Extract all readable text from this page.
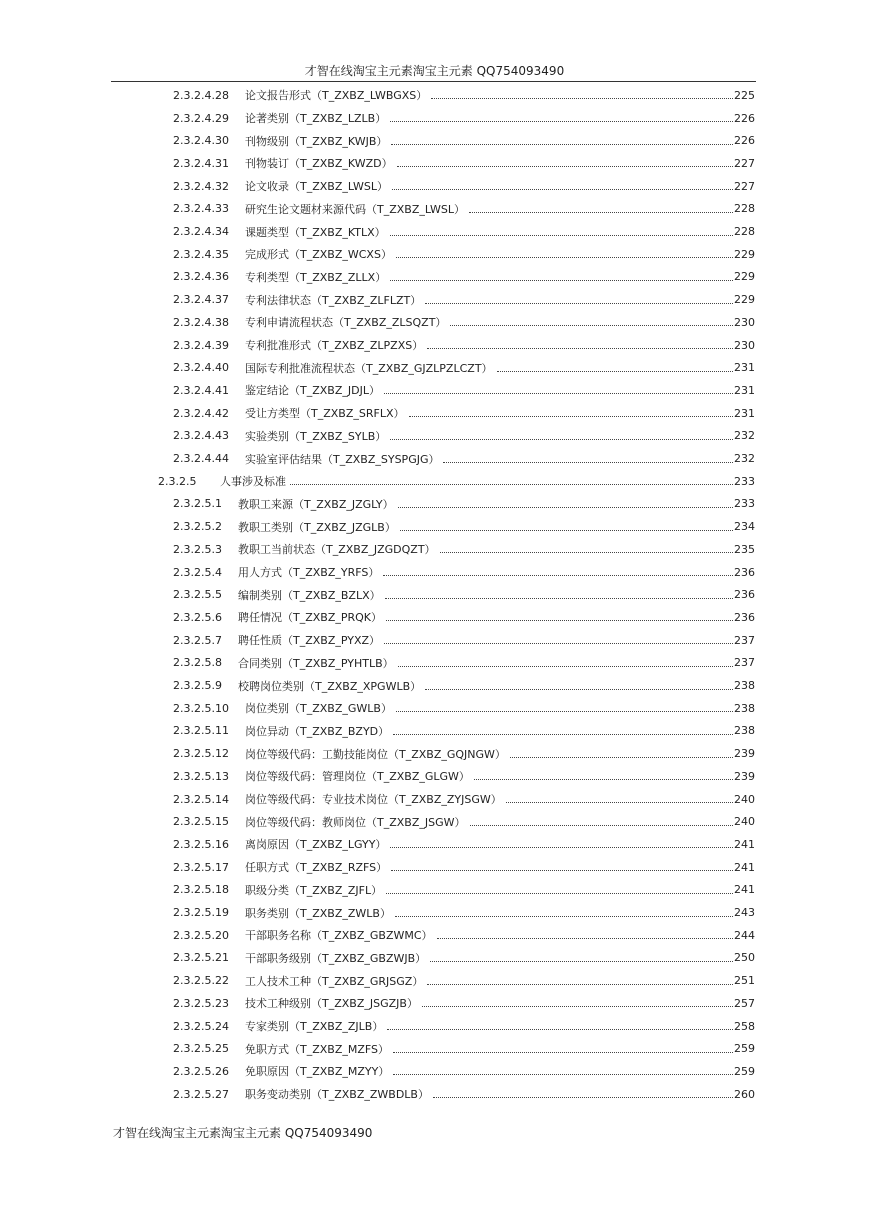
才智在线淘宝主元素淘宝主元素 QQ754093490
2.3.2.4.28 论文报告形式（T_ZXBZ_LWBGXS）	225
2.3.2.4.29 论著类别（T_ZXBZ_LZLB）	226
2.3.2.4.30 刊物级别（T_ZXBZ_KWJB）	226
2.3.2.4.31 刊物装订（T_ZXBZ_KWZD）	227
2.3.2.4.32 论文收录（T_ZXBZ_LWSL）	227
2.3.2.4.33 研究生论文题材来源代码（T_ZXBZ_LWSL）	228
2.3.2.4.34 课题类型（T_ZXBZ_KTLX）	228
2.3.2.4.35 完成形式（T_ZXBZ_WCXS）	229
2.3.2.4.36 专利类型（T_ZXBZ_ZLLX）	229
2.3.2.4.37 专利法律状态（T_ZXBZ_ZLFLZT）	229
2.3.2.4.38 专利申请流程状态（T_ZXBZ_ZLSQZT）	230
2.3.2.4.39 专利批准形式（T_ZXBZ_ZLPZXS）	230
2.3.2.4.40 国际专利批准流程状态（T_ZXBZ_GJZLPZLCZT）	231
2.3.2.4.41 鉴定结论（T_ZXBZ_JDJL）	231
2.3.2.4.42 受让方类型（T_ZXBZ_SRFLX）	231
2.3.2.4.43 实验类别（T_ZXBZ_SYLB）	232
2.3.2.4.44 实验室评估结果（T_ZXBZ_SYSPGJG）	232
2.3.2.5 人事涉及标准	233
2.3.2.5.1 教职工来源（T_ZXBZ_JZGLY）	233
2.3.2.5.2 教职工类别（T_ZXBZ_JZGLB）	234
2.3.2.5.3 教职工当前状态（T_ZXBZ_JZGDQZT）	235
2.3.2.5.4 用人方式（T_ZXBZ_YRFS）	236
2.3.2.5.5 编制类别（T_ZXBZ_BZLX）	236
2.3.2.5.6 聘任情况（T_ZXBZ_PRQK）	236
2.3.2.5.7 聘任性质（T_ZXBZ_PYXZ）	237
2.3.2.5.8 合同类别（T_ZXBZ_PYHTLB）	237
2.3.2.5.9 校聘岗位类别（T_ZXBZ_XPGWLB）	238
2.3.2.5.10 岗位类别（T_ZXBZ_GWLB）	238
2.3.2.5.11 岗位异动（T_ZXBZ_BZYD）	238
2.3.2.5.12 岗位等级代码：工勤技能岗位（T_ZXBZ_GQJNGW）	239
2.3.2.5.13 岗位等级代码：管理岗位（T_ZXBZ_GLGW）	239
2.3.2.5.14 岗位等级代码：专业技术岗位（T_ZXBZ_ZYJSGW）	240
2.3.2.5.15 岗位等级代码：教师岗位（T_ZXBZ_JSGW）	240
2.3.2.5.16 离岗原因（T_ZXBZ_LGYY）	241
2.3.2.5.17 任职方式（T_ZXBZ_RZFS）	241
2.3.2.5.18 职级分类（T_ZXBZ_ZJFL）	241
2.3.2.5.19 职务类别（T_ZXBZ_ZWLB）	243
2.3.2.5.20 干部职务名称（T_ZXBZ_GBZWMC）	244
2.3.2.5.21 干部职务级别（T_ZXBZ_GBZWJB）	250
2.3.2.5.22 工人技术工种（T_ZXBZ_GRJSGZ）	251
2.3.2.5.23 技术工种级别（T_ZXBZ_JSGZJB）	257
2.3.2.5.24 专家类别（T_ZXBZ_ZJLB）	258
2.3.2.5.25 免职方式（T_ZXBZ_MZFS）	259
2.3.2.5.26 免职原因（T_ZXBZ_MZYY）	259
2.3.2.5.27 职务变动类别（T_ZXBZ_ZWBDLB）	260
才智在线淘宝主元素淘宝主元素 QQ754093490
